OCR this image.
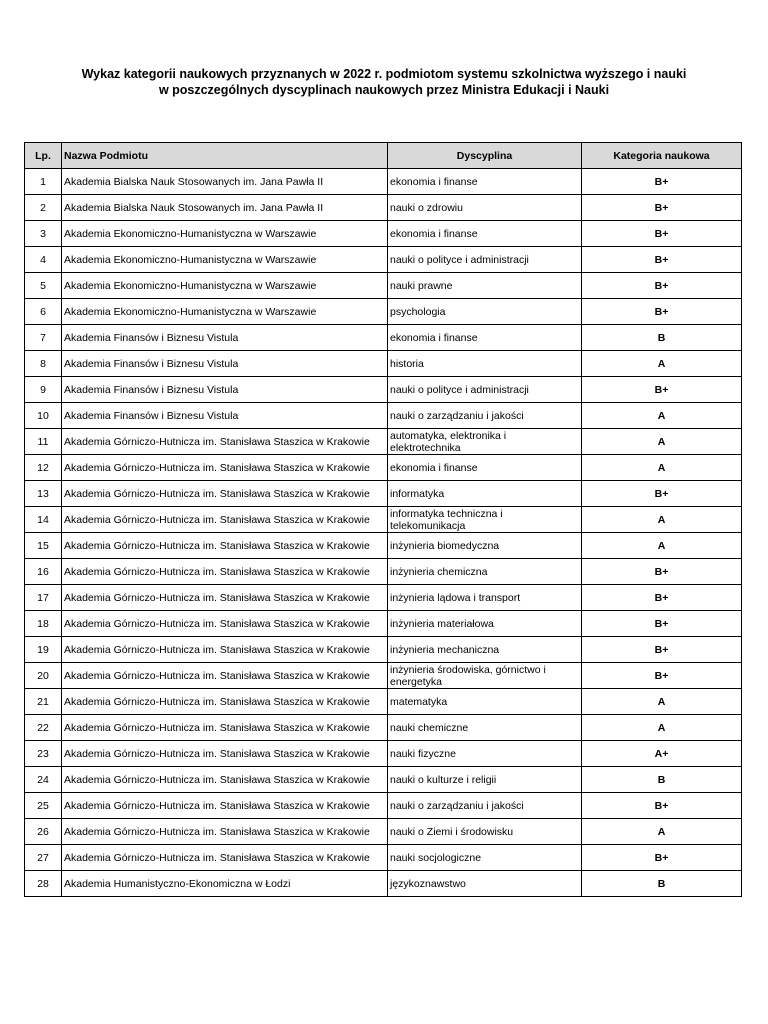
Wykaz kategorii naukowych przyznanych w 2022 r. podmiotom systemu szkolnictwa wyższego i nauki
w poszczególnych dyscyplinach naukowych przez Ministra Edukacji i Nauki
Lp.	Nazwa Podmiotu	Dyscyplina	Kategoria naukowa
1	Akademia Bialska Nauk Stosowanych im. Jana Pawła II	ekonomia i finanse	B+
2	Akademia Bialska Nauk Stosowanych im. Jana Pawła II	nauki o zdrowiu	B+
3	Akademia Ekonomiczno-Humanistyczna w Warszawie	ekonomia i finanse	B+
4	Akademia Ekonomiczno-Humanistyczna w Warszawie	nauki o polityce i administracji	B+
5	Akademia Ekonomiczno-Humanistyczna w Warszawie	nauki prawne	B+
6	Akademia Ekonomiczno-Humanistyczna w Warszawie	psychologia	B+
7	Akademia Finansów i Biznesu Vistula	ekonomia i finanse	B
8	Akademia Finansów i Biznesu Vistula	historia	A
9	Akademia Finansów i Biznesu Vistula	nauki o polityce i administracji	B+
10	Akademia Finansów i Biznesu Vistula	nauki o zarządzaniu i jakości	A
11	Akademia Górniczo-Hutnicza im. Stanisława Staszica w Krakowie	automatyka, elektronika i elektrotechnika	A
12	Akademia Górniczo-Hutnicza im. Stanisława Staszica w Krakowie	ekonomia i finanse	A
13	Akademia Górniczo-Hutnicza im. Stanisława Staszica w Krakowie	informatyka	B+
14	Akademia Górniczo-Hutnicza im. Stanisława Staszica w Krakowie	informatyka techniczna i telekomunikacja	A
15	Akademia Górniczo-Hutnicza im. Stanisława Staszica w Krakowie	inżynieria biomedyczna	A
16	Akademia Górniczo-Hutnicza im. Stanisława Staszica w Krakowie	inżynieria chemiczna	B+
17	Akademia Górniczo-Hutnicza im. Stanisława Staszica w Krakowie	inżynieria lądowa i transport	B+
18	Akademia Górniczo-Hutnicza im. Stanisława Staszica w Krakowie	inżynieria materiałowa	B+
19	Akademia Górniczo-Hutnicza im. Stanisława Staszica w Krakowie	inżynieria mechaniczna	B+
20	Akademia Górniczo-Hutnicza im. Stanisława Staszica w Krakowie	inżynieria środowiska, górnictwo i energetyka	B+
21	Akademia Górniczo-Hutnicza im. Stanisława Staszica w Krakowie	matematyka	A
22	Akademia Górniczo-Hutnicza im. Stanisława Staszica w Krakowie	nauki chemiczne	A
23	Akademia Górniczo-Hutnicza im. Stanisława Staszica w Krakowie	nauki fizyczne	A+
24	Akademia Górniczo-Hutnicza im. Stanisława Staszica w Krakowie	nauki o kulturze i religii	B
25	Akademia Górniczo-Hutnicza im. Stanisława Staszica w Krakowie	nauki o zarządzaniu i jakości	B+
26	Akademia Górniczo-Hutnicza im. Stanisława Staszica w Krakowie	nauki o Ziemi i środowisku	A
27	Akademia Górniczo-Hutnicza im. Stanisława Staszica w Krakowie	nauki socjologiczne	B+
28	Akademia Humanistyczno-Ekonomiczna w Łodzi	językoznawstwo	B
